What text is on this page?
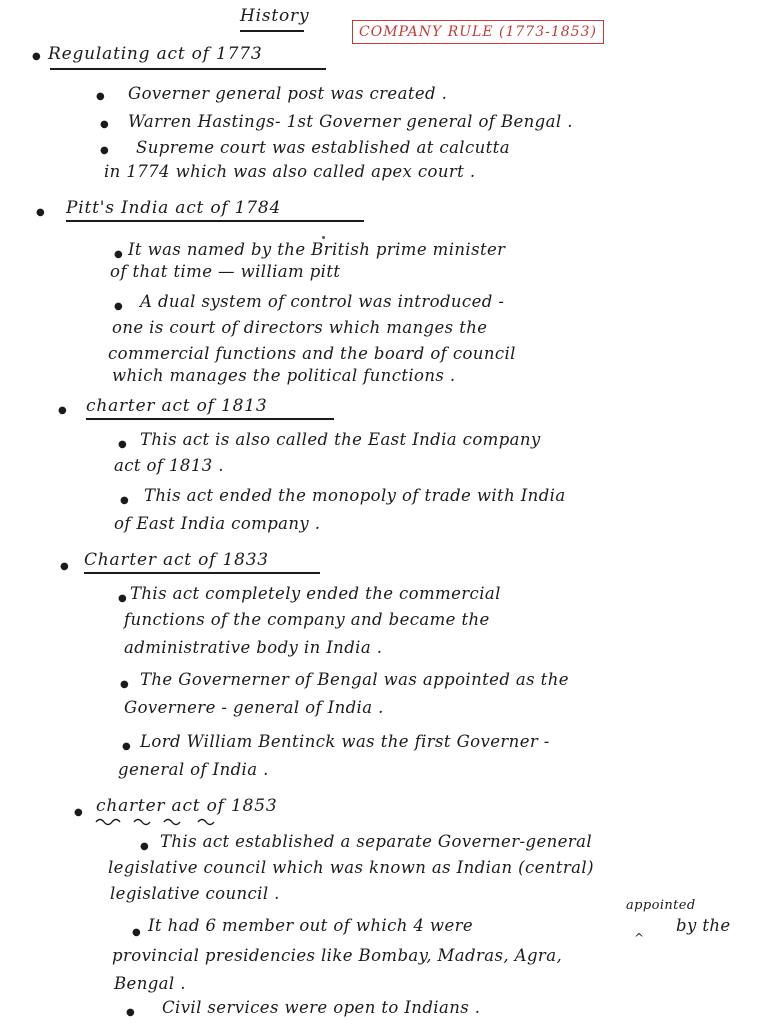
History
COMPANY RULE (1773-1853)
● Regulating act of 1773
● Governer general post was created .
● Warren Hastings- 1st Governer general of Bengal .
● Supreme court was established at calcutta
in 1774 which was also called apex court .
● Pitt's India act of 1784
● It was named by the British prime minister
of that time — william pitt
● A dual system of control was introduced -
one is court of directors which manges the
commercial functions and the board of council
which manages the political functions .
● charter act of 1813
● This act is also called the East India company
act of 1813 .
● This act ended the monopoly of trade with India
of East India company .
● Charter act of 1833
● This act completely ended the commercial
functions of the company and became the
administrative body in India .
● The Governerner of Bengal was appointed as the
Governere - general of India .
● Lord William Bentinck was the first Governer -
general of India .
● charter act of 1853
● This act established a separate Governer-general
legislative council which was known as Indian (central)
legislative council .
appointed
^
● It had 6 member out of which 4 were	by the
provincial presidencies like Bombay, Madras, Agra,
Bengal .
● Civil services were open to Indians .
